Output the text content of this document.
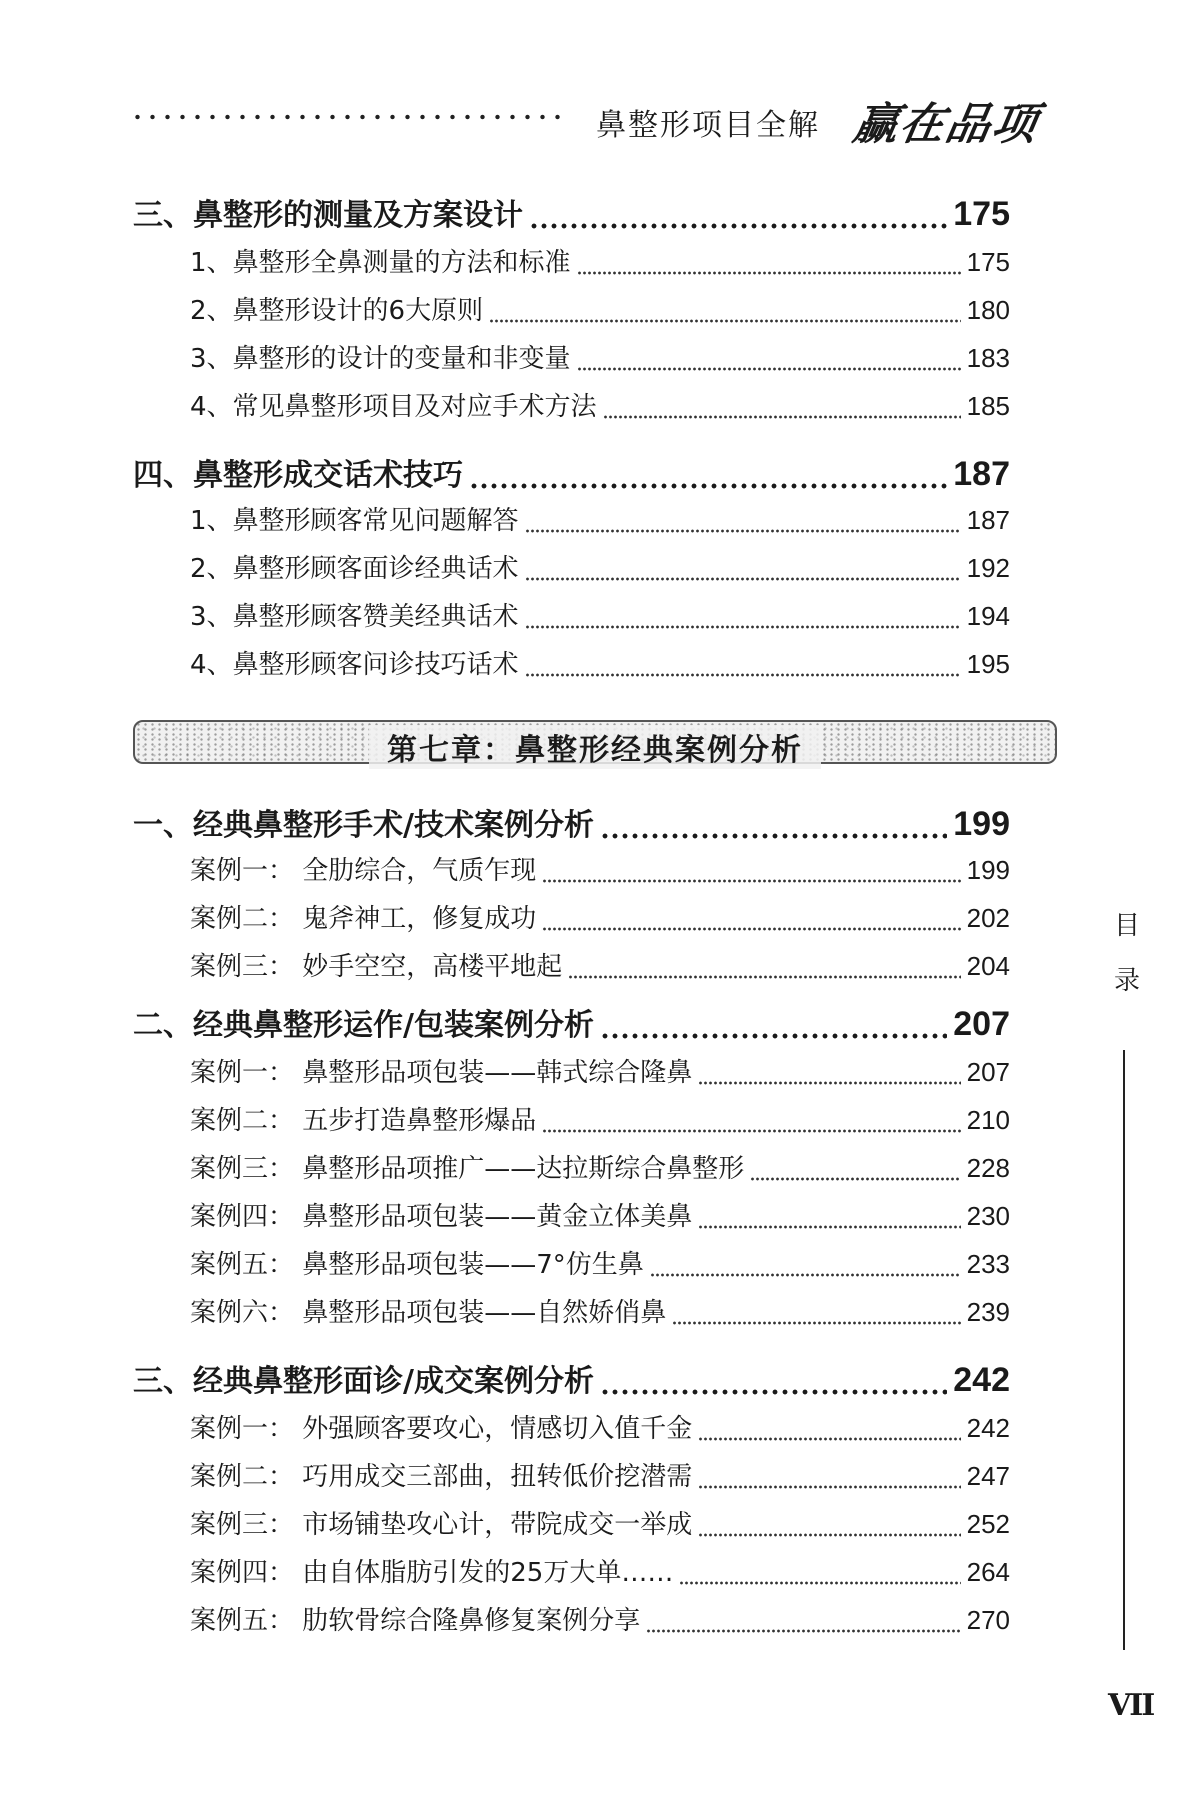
鼻整形项目全解 赢在品项
三、鼻整形的测量及方案设计	175
1、鼻整形全鼻测量的方法和标准	175
2、鼻整形设计的6大原则	180
3、鼻整形的设计的变量和非变量	183
4、常见鼻整形项目及对应手术方法	185
四、鼻整形成交话术技巧	187
1、鼻整形顾客常见问题解答	187
2、鼻整形顾客面诊经典话术	192
3、鼻整形顾客赞美经典话术	194
4、鼻整形顾客问诊技巧话术	195
第七章：鼻整形经典案例分析
一、经典鼻整形手术/技术案例分析	199
案例一： 全肋综合，气质乍现	199
案例二： 鬼斧神工，修复成功	202
案例三： 妙手空空，高楼平地起	204
二、经典鼻整形运作/包装案例分析	207
案例一： 鼻整形品项包装——韩式综合隆鼻	207
案例二： 五步打造鼻整形爆品	210
案例三： 鼻整形品项推广——达拉斯综合鼻整形	228
案例四： 鼻整形品项包装——黄金立体美鼻	230
案例五： 鼻整形品项包装——7°仿生鼻	233
案例六： 鼻整形品项包装——自然娇俏鼻	239
三、经典鼻整形面诊/成交案例分析	242
案例一： 外强顾客要攻心，情感切入值千金	242
案例二： 巧用成交三部曲，扭转低价挖潜需	247
案例三： 市场铺垫攻心计，带院成交一举成	252
案例四： 由自体脂肪引发的25万大单……	264
案例五： 肋软骨综合隆鼻修复案例分享	270
目
录
VII
